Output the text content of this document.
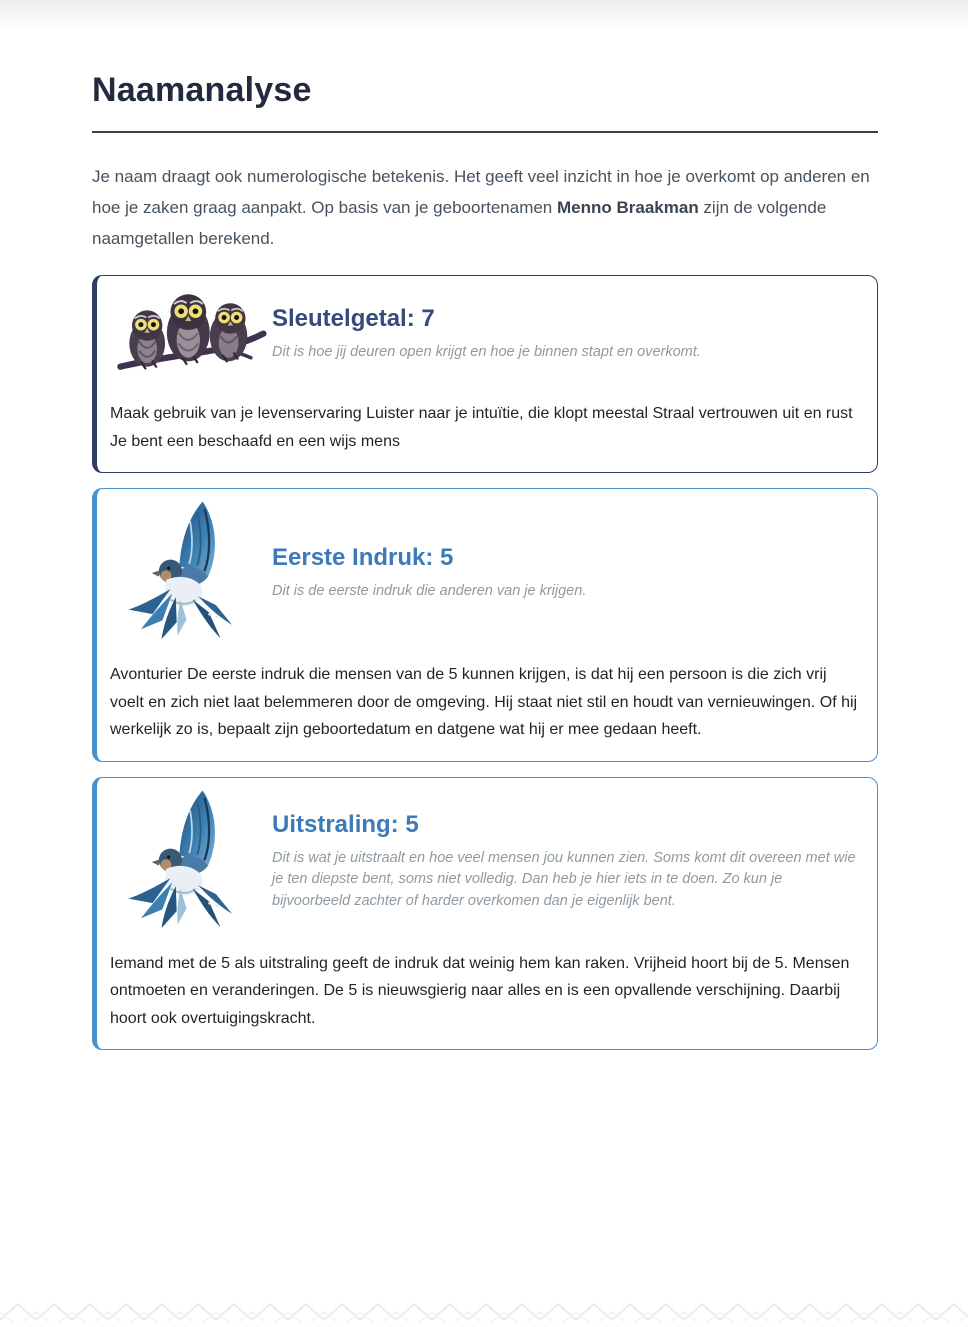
Naamanalyse

Je naam draagt ook numerologische betekenis. Het geeft veel inzicht in hoe je overkomt op anderen en hoe je zaken graag aanpakt. Op basis van je geboortenamen Menno Braakman zijn de volgende naamgetallen berekend.

Sleutelgetal: 7

Dit is hoe jij deuren open krijgt en hoe je binnen stapt en overkomt.

Maak gebruik van je levenservaring Luister naar je intuïtie, die klopt meestal Straal vertrouwen uit en rust Je bent een beschaafd en een wijs mens

Eerste Indruk: 5

Dit is de eerste indruk die anderen van je krijgen.

Avonturier De eerste indruk die mensen van de 5 kunnen krijgen, is dat hij een persoon is die zich vrij voelt en zich niet laat belemmeren door de omgeving. Hij staat niet stil en houdt van vernieuwingen. Of hij werkelijk zo is, bepaalt zijn geboortedatum en datgene wat hij er mee gedaan heeft.

Uitstraling: 5

Dit is wat je uitstraalt en hoe veel mensen jou kunnen zien. Soms komt dit overeen met wie je ten diepste bent, soms niet volledig. Dan heb je hier iets in te doen. Zo kun je bijvoorbeeld zachter of harder overkomen dan je eigenlijk bent.

Iemand met de 5 als uitstraling geeft de indruk dat weinig hem kan raken. Vrijheid hoort bij de 5. Mensen ontmoeten en veranderingen. De 5 is nieuwsgierig naar alles en is een opvallende verschijning. Daarbij hoort ook overtuigingskracht.
